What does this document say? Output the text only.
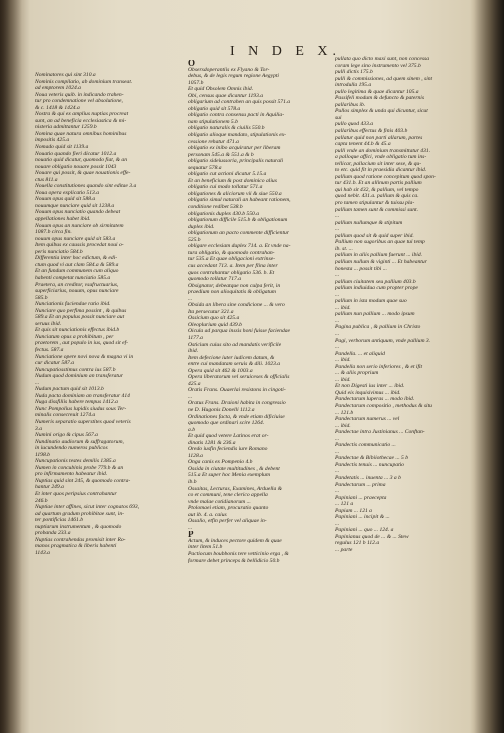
I N D E X.
Nominatores qui sint 310.a
Nominis compilatio, ab dominium transeat.
ad emptorem 1024.a
Noua veteris quib. in indicando trahen-
tur pro condemnatione vel absolutione,
& c. 1418 & 1424.a
Nostra & qui ex amplius nuptias procreat
sunt, an ad beneficia ecclesiastica & mi-
nisteria admittantur 1259.b
Nomina quae natura omnibus hominibus
impositis 425.a
Nomado quid sit 1139.a
Nouatio quando fieri dicatur 1012.a
nouatio quid dicatur, quomodo fiat, & an
nouare obligatio nouare possit 1043
Nouare qui possit, & quae nouationis effe-
ctus 811.a
Nouella constitutiones quando sint editae 3.a
Noua opera explicatio 513.a
Nouum opus quid sit 588.a
nouumque nunciare quid sit 1238.a
Nouum opus nunciatio quando debeat
appellationes habet ibid.
Nouum opus an nunciare ob sirmitatem
1087.b circa fin.
nouum opus nunciare quid sit 583.a
Item quibus ex caussis procedat noui o-
peris nunciatio 584.b
Differentia inter hoc edictum, & edi-
ctum quod vi aut clam 584.a & 589.a
Et an fundum communem cum aliquo
habenti competat nunciatio 585.a
Praetera, an creditor, vsufructuarius,
superficiarius, nouum, opus nunciare
585.b
Nunciationis faciendae ratio ibid.
Nunciare quo perfima possint , & quibus
589.a Et an populus possit nunciare aut
seruus ibid.
Et quis sit nunciationis effectus ibid.b
Nunciatum opus a prohibitum , per
praetorem , aut populo in ius, quod sit ef-
fectus. 587.a
Nunciatione opere novi nova & magna vi in
cur dicatur 587.a
Nuncupatiosstimus contra ius 587.b
Nudum quod dominium an transferatur
...
Nudum pactum quid sit 1013.b
Nuda pacta dominiam an transferatur 414
Nuga dissfiliis habere tempus 1412.a
Nunc Pompolius lupidis siudus sous Ter-
minalis consecreuit 1274.a
Numeris separatio superstites quod veteris
3.a
Numini origo & cipus 567.a
Nundinatio audiorum & suffragatorum,
in iucundendo numeros publicos
1198.b
Nuncupationis testes demilis 1385.a
Numen in concubinis probe 779.b & an
pro infirmamento habeatur ibid.
Nuptias quid sint 245, & quomodo contra-
hantur 249.a
Et inter quos peripsius contrahantur
246.b
Nuptiae inter affines, sicut inter cognatos 693,
ad quartum gradum prohibitae sunt, in-
ter pontificias 1461.b
nuptiarum instrumentum , & quomodo
probanda 233.a
Nuptias contrahendas promisit inter Ro-
manos pragmatica & liberis habenti
1143.a
O
Obsersdoperantiis ex Flyano & Tor-
debus, & de legis regum regione Aegypti
1057.b
Et quid Obsolem Omnis ibid.
Obi, census quae dicantur 1193.a
obligarium ad contrahen an quis possit 571.a
obligatio quid sit 578.a
obligatio contra consensu pacti in Aquilia-
nam stipulationem 5.b
obligatio naturalis & ciuilis 550.b
obligatio alioque mandato, stipulationis ex-
cessione rehatur 471.a
obligatio ex inibo acquiratur per liberam
personam 545.a & 551.a & b
obligatio sideiussoria, principalis naturali
sequatur 578.a
obligatio cut actioni dicatur 5.15.a
Et an beneficium & post dominico alius
obligatio cui modo tollatur 571.a
obligationes & aliciorum vii & siue 550.a
obligatio simul naturali an habeant rationem,
conditione redibet 538.b
obligationis duplex 430.b 550.a
obligationum difficile 515.b & obligationum
duplex ibid.
obligationum an pacto commente difficientur
525.b
obligare ecclesiam duplex 714. a. Et vnde na-
tura obligatio, & quomodo contrahan-
tur 535.a Et quae obligacioni extrinse-
cus accedant 713. a. Item per flina inter
quos contrahantur obligatio 536. b. Et
quomodo tollatur 717.a
Obsignator, debeatque non culpa ferit, in
praedium non alioquitatis & obligatum
...
Obsida an libera sine condicione ... & vero
Ita persecutur 321.a
Ossicium quo sit 425.a
Oleoplurium quid 439.b
Oicula ad parqua inssis honi fuisse faciendae
1177.a
Osticium cuius sito ad mandatis verificile
ibid.
Item defecione iuter iudicem datum, &
entre cui mandatam seruis & dili. 1023.a
Opera quid sit 462 & 1003.a
Opera liberatorum vel seruiceses & officialis
425.a
Oratis Frans. Ouaerlai resistons in cingoti-
...
Oratus Frans. Draioni habita in congressio
ne D. Hugonis Donelli 1112.a
Ordinationes facta, & vnde etiam dificiuise
quomodo que ordinari scire 1264.
a.b
Et quid quod vetere Latinos erat or-
dinatis 1281 & 236.a
Oredo iusfin feciendis iure Romano
1128.a
Onga canis ex Pompenio 4.b
Ossida in ciutate multitudines , & debent
515.a Et super hoc Menia exemplum
ib.b
Ossaitas, Lecturas, Examines, Arduella &
co et communi, tene clerico appella
vnde malae cotidianorum ...
Ptolomaei etiam, procuratio quanto
aut ib. 4. a. caius
Ossalio, etfin perfer vel aliquae in-
...
P
Actum, & induces pectore quidem & quae
inter litem 51.b
Pactiocum boubbonis tere vetticinio erga , &
formare debet princeps & bellidicio 50.b
pullata quo dicto maxi sunt, non concessa
coram lege sino instrumento vel 375.b
pulli dictis 175.b
pulli & commissiones, ad quem sinem , sint
introdulla 195.a
pullo legitima & quae dicantur 105.a
Passifeli modum & defuncto & paternis
pallaribus ib.
Pullos simplex & unda qui dicuntur, sicut
sui
pullo quod 433.a
pallaribus effectus & finis 403.b
pallatur quid non parti allarum, partes
capta tenent 44.b & 45.a
pulli vnde an dominium transmittatur 431.
a palloque affici, vnde obligatio tum ins-
tellicar, pallacium sit inter sese, & qu-
to etc. quid fit in praesidia dicantur ibid.
pallium quod ratione concepitum quod spon-
tur 431.b. Et an allinum partis pallium
qui hab sit 432, & pallium, vel tempo
quod nebit. 431.a. pallium & quis ca.
pro tamen stipulantur & tuissu pla-
pallium tamen sunt & commissi sunt.
...
pallium nullumque & stipitum
...
pallium quod sit & quid super ibid.
Pallium non sugoribus an quae tui temp
ib. st. ...
pallium in aliis pallium fuerunt ... ibid.
pallium nullum & viginti ... Et habeantur
honesta ... possit tibi ...
...
pallium ciuitatem seu pallium 403.b
pallium indiuidua cum propter prope
...
pallium in ista modum quae suo
... ibid.
pallium nun pallium ... modo ipsum
...
Pagina publica , & pallium in Christo
...
Pagi, verborum antiquum, vnde pallium 3.
...
Pandella. ... et aliquid
... ibid.
Pandella non serio inferiores , & et ifit
... & aliis proprium
... ibid.
Et non Digesti ius inter ... ibid.
Quid eis inquisivimus ... ibid.
Pandectarum luperas ... modo ibid.
Pandectarum compositio , methodus & situ
... 121.b
Pandectarum numerus ... vel
... ibid.
Pandectae intra Justinianus ... Conftan-
...
Pandectis communicatio ...
...
Pandectae & Bibiiothecae ... 5 b
Pandectis tenuis ... nuncupatio
...
Pandetatis ... inuenta ... 3 a b
Pandectarum ... prima
...
Papiniani ... praecepta
... 121 a
Papiam ... 121 a
Papiniani ... incipit & ...
...
Papiniani ... quo ... 124. a
Papinianus quod de ... & ... Stew
regulus 121 b 112.a
... parte
